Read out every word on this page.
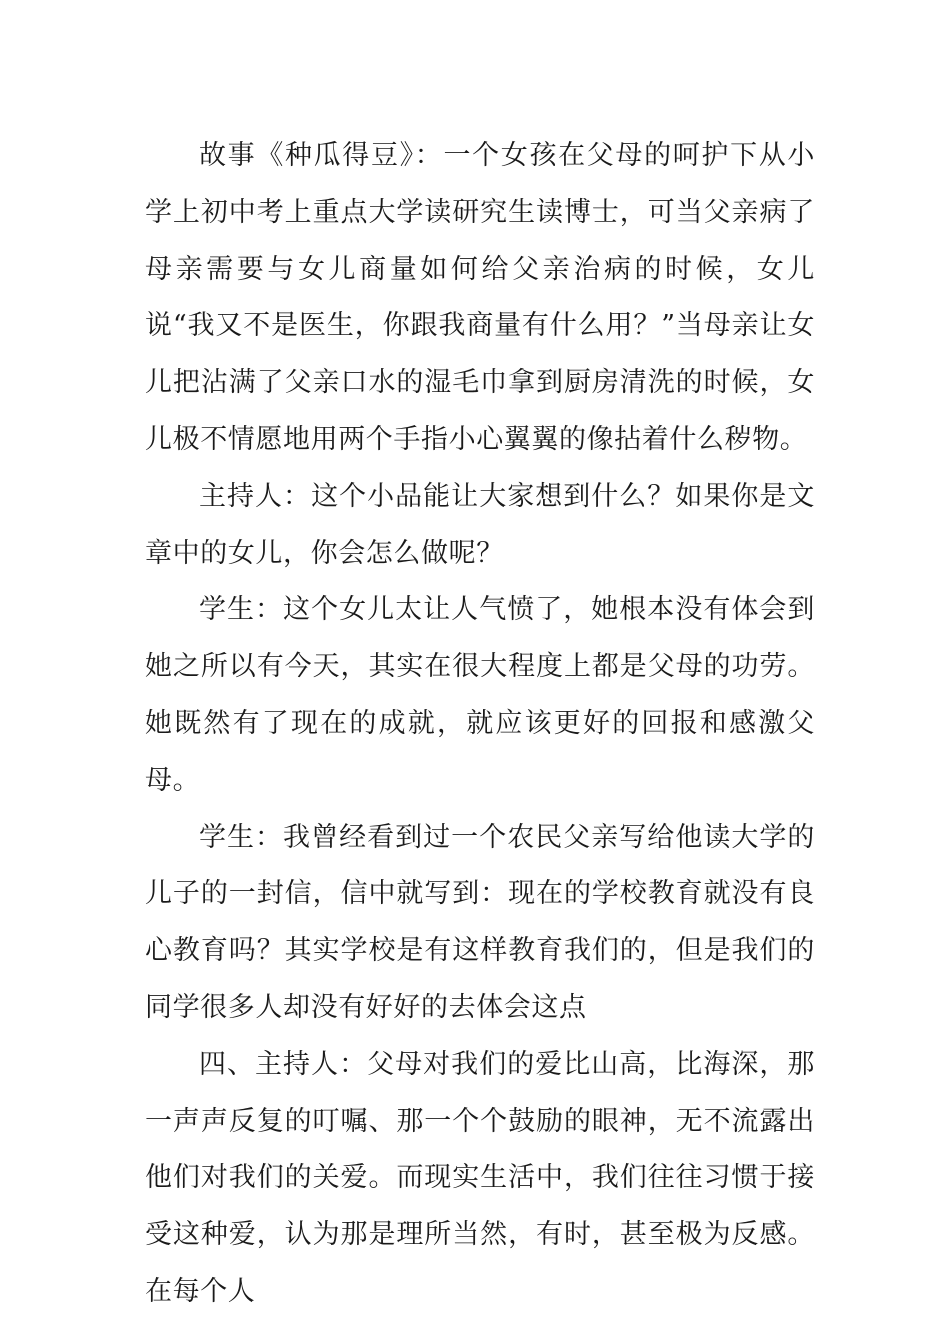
故事《种瓜得豆》：一个女孩在父母的呵护下从小学上初中考上重点大学读研究生读博士，可当父亲病了母亲需要与女儿商量如何给父亲治病的时候，女儿说“我又不是医生，你跟我商量有什么用？”当母亲让女儿把沾满了父亲口水的湿毛巾拿到厨房清洗的时候，女儿极不情愿地用两个手指小心翼翼的像拈着什么秽物。

主持人：这个小品能让大家想到什么？如果你是文章中的女儿，你会怎么做呢？

学生：这个女儿太让人气愤了，她根本没有体会到她之所以有今天，其实在很大程度上都是父母的功劳。她既然有了现在的成就，就应该更好的回报和感激父母。

学生：我曾经看到过一个农民父亲写给他读大学的儿子的一封信，信中就写到：现在的学校教育就没有良心教育吗？其实学校是有这样教育我们的，但是我们的同学很多人却没有好好的去体会这点

四、主持人：父母对我们的爱比山高，比海深，那一声声反复的叮嘱、那一个个鼓励的眼神，无不流露出他们对我们的关爱。而现实生活中，我们往往习惯于接受这种爱，认为那是理所当然，有时，甚至极为反感。在每个人
